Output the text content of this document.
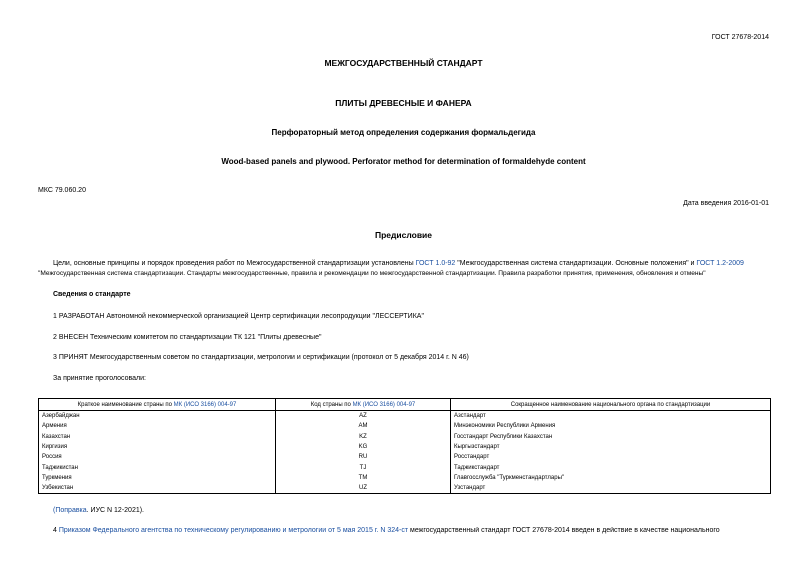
ГОСТ 27678-2014
МЕЖГОСУДАРСТВЕННЫЙ СТАНДАРТ
ПЛИТЫ ДРЕВЕСНЫЕ И ФАНЕРА
Перфораторный метод определения содержания формальдегида
Wood-based panels and plywood. Perforator method for determination of formaldehyde content
МКС 79.060.20
Дата введения 2016-01-01
Предисловие
Цели, основные принципы и порядок проведения работ по Межгосударственной стандартизации установлены ГОСТ 1.0-92 "Межгосударственная система стандартизации. Основные положения" и ГОСТ 1.2-2009
"Межгосударственная система стандартизации. Стандарты межгосударственные, правила и рекомендации по межгосударственной стандартизации. Правила разработки принятия, применения, обновления и отмены"
Сведения о стандарте
1 РАЗРАБОТАН Автономной некоммерческой организацией Центр сертификации лесопродукции "ЛЕССЕРТИКА"
2 ВНЕСЕН Техническим комитетом по стандартизации ТК 121 "Плиты древесные"
3 ПРИНЯТ Межгосударственным советом по стандартизации, метрологии и сертификации (протокол от 5 декабря 2014 г. N 46)
За принятие проголосовали:
Краткое наименование страны по МК (ИСО 3166) 004-97	Код страны по МК (ИСО 3166) 004-97	Сокращенное наименование национального органа по стандартизации
Азербайджан	AZ	Азстандарт
Армения	AM	Минэкономики Республики Армения
Казахстан	KZ	Госстандарт Республики Казахстан
Киргизия	KG	Кыргызстандарт
Россия	RU	Росстандарт
Таджикистан	TJ	Таджикстандарт
Туркмения	TM	Главгосслужба "Туркменстандартлары"
Узбекистан	UZ	Узстандарт
(Поправка. ИУС N 12-2021).
4 Приказом Федерального агентства по техническому регулированию и метрологии от 5 мая 2015 г. N 324-ст межгосударственный стандарт ГОСТ 27678-2014 введен в действие в качестве национального
